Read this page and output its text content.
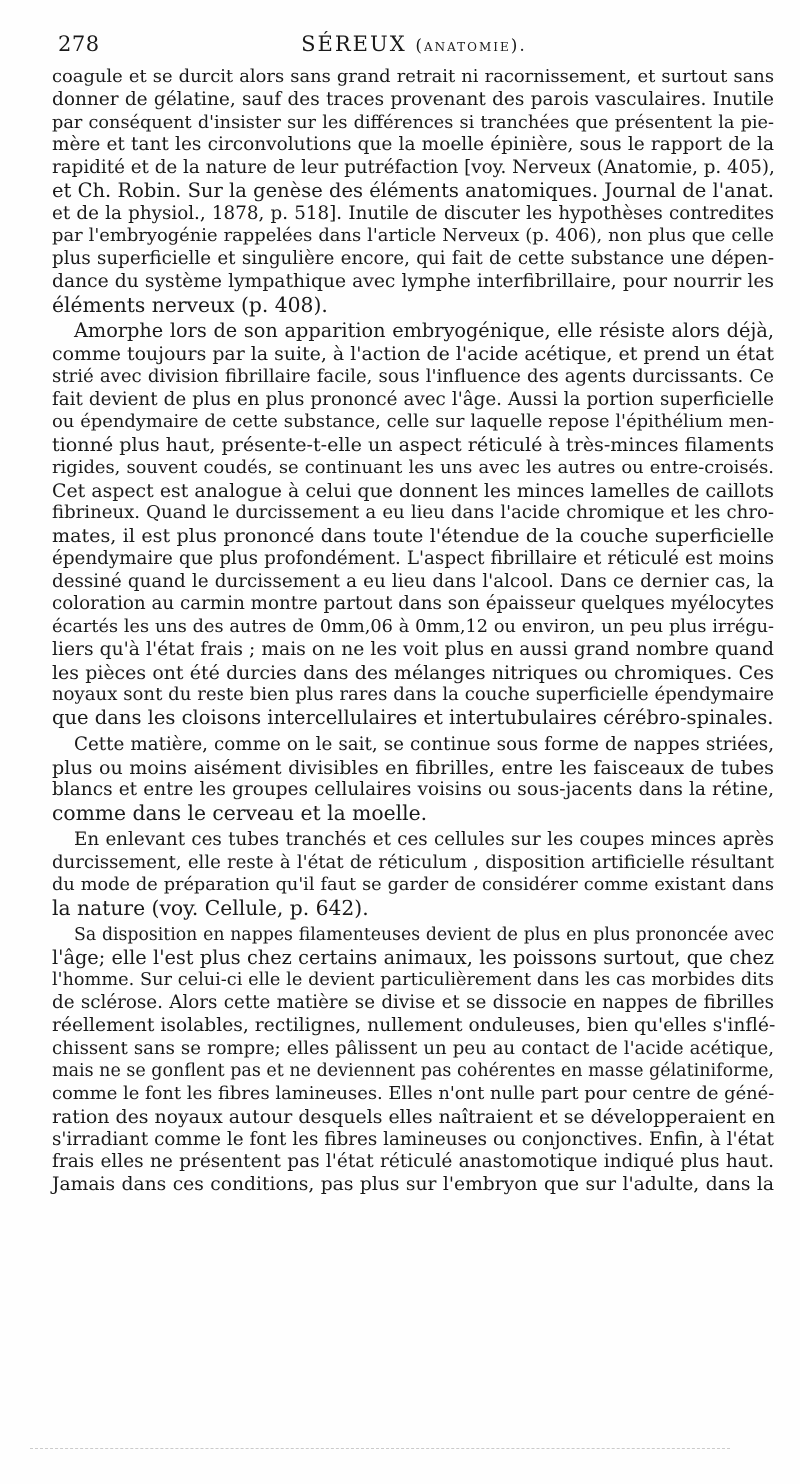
278	SÉREUX (anatomie).
coagule et se durcit alors sans grand retrait ni racornissement, et surtout sans
donner de gélatine, sauf des traces provenant des parois vasculaires. Inutile
par conséquent d'insister sur les différences si tranchées que présentent la pie-
mère et tant les circonvolutions que la moelle épinière, sous le rapport de la
rapidité et de la nature de leur putréfaction [voy. Nerveux (Anatomie, p. 405),
et Ch. Robin. Sur la genèse des éléments anatomiques. Journal de l'anat.
et de la physiol., 1878, p. 518]. Inutile de discuter les hypothèses contredites
par l'embryogénie rappelées dans l'article Nerveux (p. 406), non plus que celle
plus superficielle et singulière encore, qui fait de cette substance une dépen-
dance du système lympathique avec lymphe interfibrillaire, pour nourrir les
éléments nerveux (p. 408).
Amorphe lors de son apparition embryogénique, elle résiste alors déjà,
comme toujours par la suite, à l'action de l'acide acétique, et prend un état
strié avec division fibrillaire facile, sous l'influence des agents durcissants. Ce
fait devient de plus en plus prononcé avec l'âge. Aussi la portion superficielle
ou épendymaire de cette substance, celle sur laquelle repose l'épithélium men-
tionné plus haut, présente-t-elle un aspect réticulé à très-minces filaments
rigides, souvent coudés, se continuant les uns avec les autres ou entre-croisés.
Cet aspect est analogue à celui que donnent les minces lamelles de caillots
fibrineux. Quand le durcissement a eu lieu dans l'acide chromique et les chro-
mates, il est plus prononcé dans toute l'étendue de la couche superficielle
épendymaire que plus profondément. L'aspect fibrillaire et réticulé est moins
dessiné quand le durcissement a eu lieu dans l'alcool. Dans ce dernier cas, la
coloration au carmin montre partout dans son épaisseur quelques myélocytes
écartés les uns des autres de 0mm,06 à 0mm,12 ou environ, un peu plus irrégu-
liers qu'à l'état frais ; mais on ne les voit plus en aussi grand nombre quand
les pièces ont été durcies dans des mélanges nitriques ou chromiques. Ces
noyaux sont du reste bien plus rares dans la couche superficielle épendymaire
que dans les cloisons intercellulaires et intertubulaires cérébro-spinales.
Cette matière, comme on le sait, se continue sous forme de nappes striées,
plus ou moins aisément divisibles en fibrilles, entre les faisceaux de tubes
blancs et entre les groupes cellulaires voisins ou sous-jacents dans la rétine,
comme dans le cerveau et la moelle.
En enlevant ces tubes tranchés et ces cellules sur les coupes minces après
durcissement, elle reste à l'état de réticulum , disposition artificielle résultant
du mode de préparation qu'il faut se garder de considérer comme existant dans
la nature (voy. Cellule, p. 642).
Sa disposition en nappes filamenteuses devient de plus en plus prononcée avec
l'âge; elle l'est plus chez certains animaux, les poissons surtout, que chez
l'homme. Sur celui-ci elle le devient particulièrement dans les cas morbides dits
de sclérose. Alors cette matière se divise et se dissocie en nappes de fibrilles
réellement isolables, rectilignes, nullement onduleuses, bien qu'elles s'inflé-
chissent sans se rompre; elles pâlissent un peu au contact de l'acide acétique,
mais ne se gonflent pas et ne deviennent pas cohérentes en masse gélatiniforme,
comme le font les fibres lamineuses. Elles n'ont nulle part pour centre de géné-
ration des noyaux autour desquels elles naîtraient et se développeraient en
s'irradiant comme le font les fibres lamineuses ou conjonctives. Enfin, à l'état
frais elles ne présentent pas l'état réticulé anastomotique indiqué plus haut.
Jamais dans ces conditions, pas plus sur l'embryon que sur l'adulte, dans la
